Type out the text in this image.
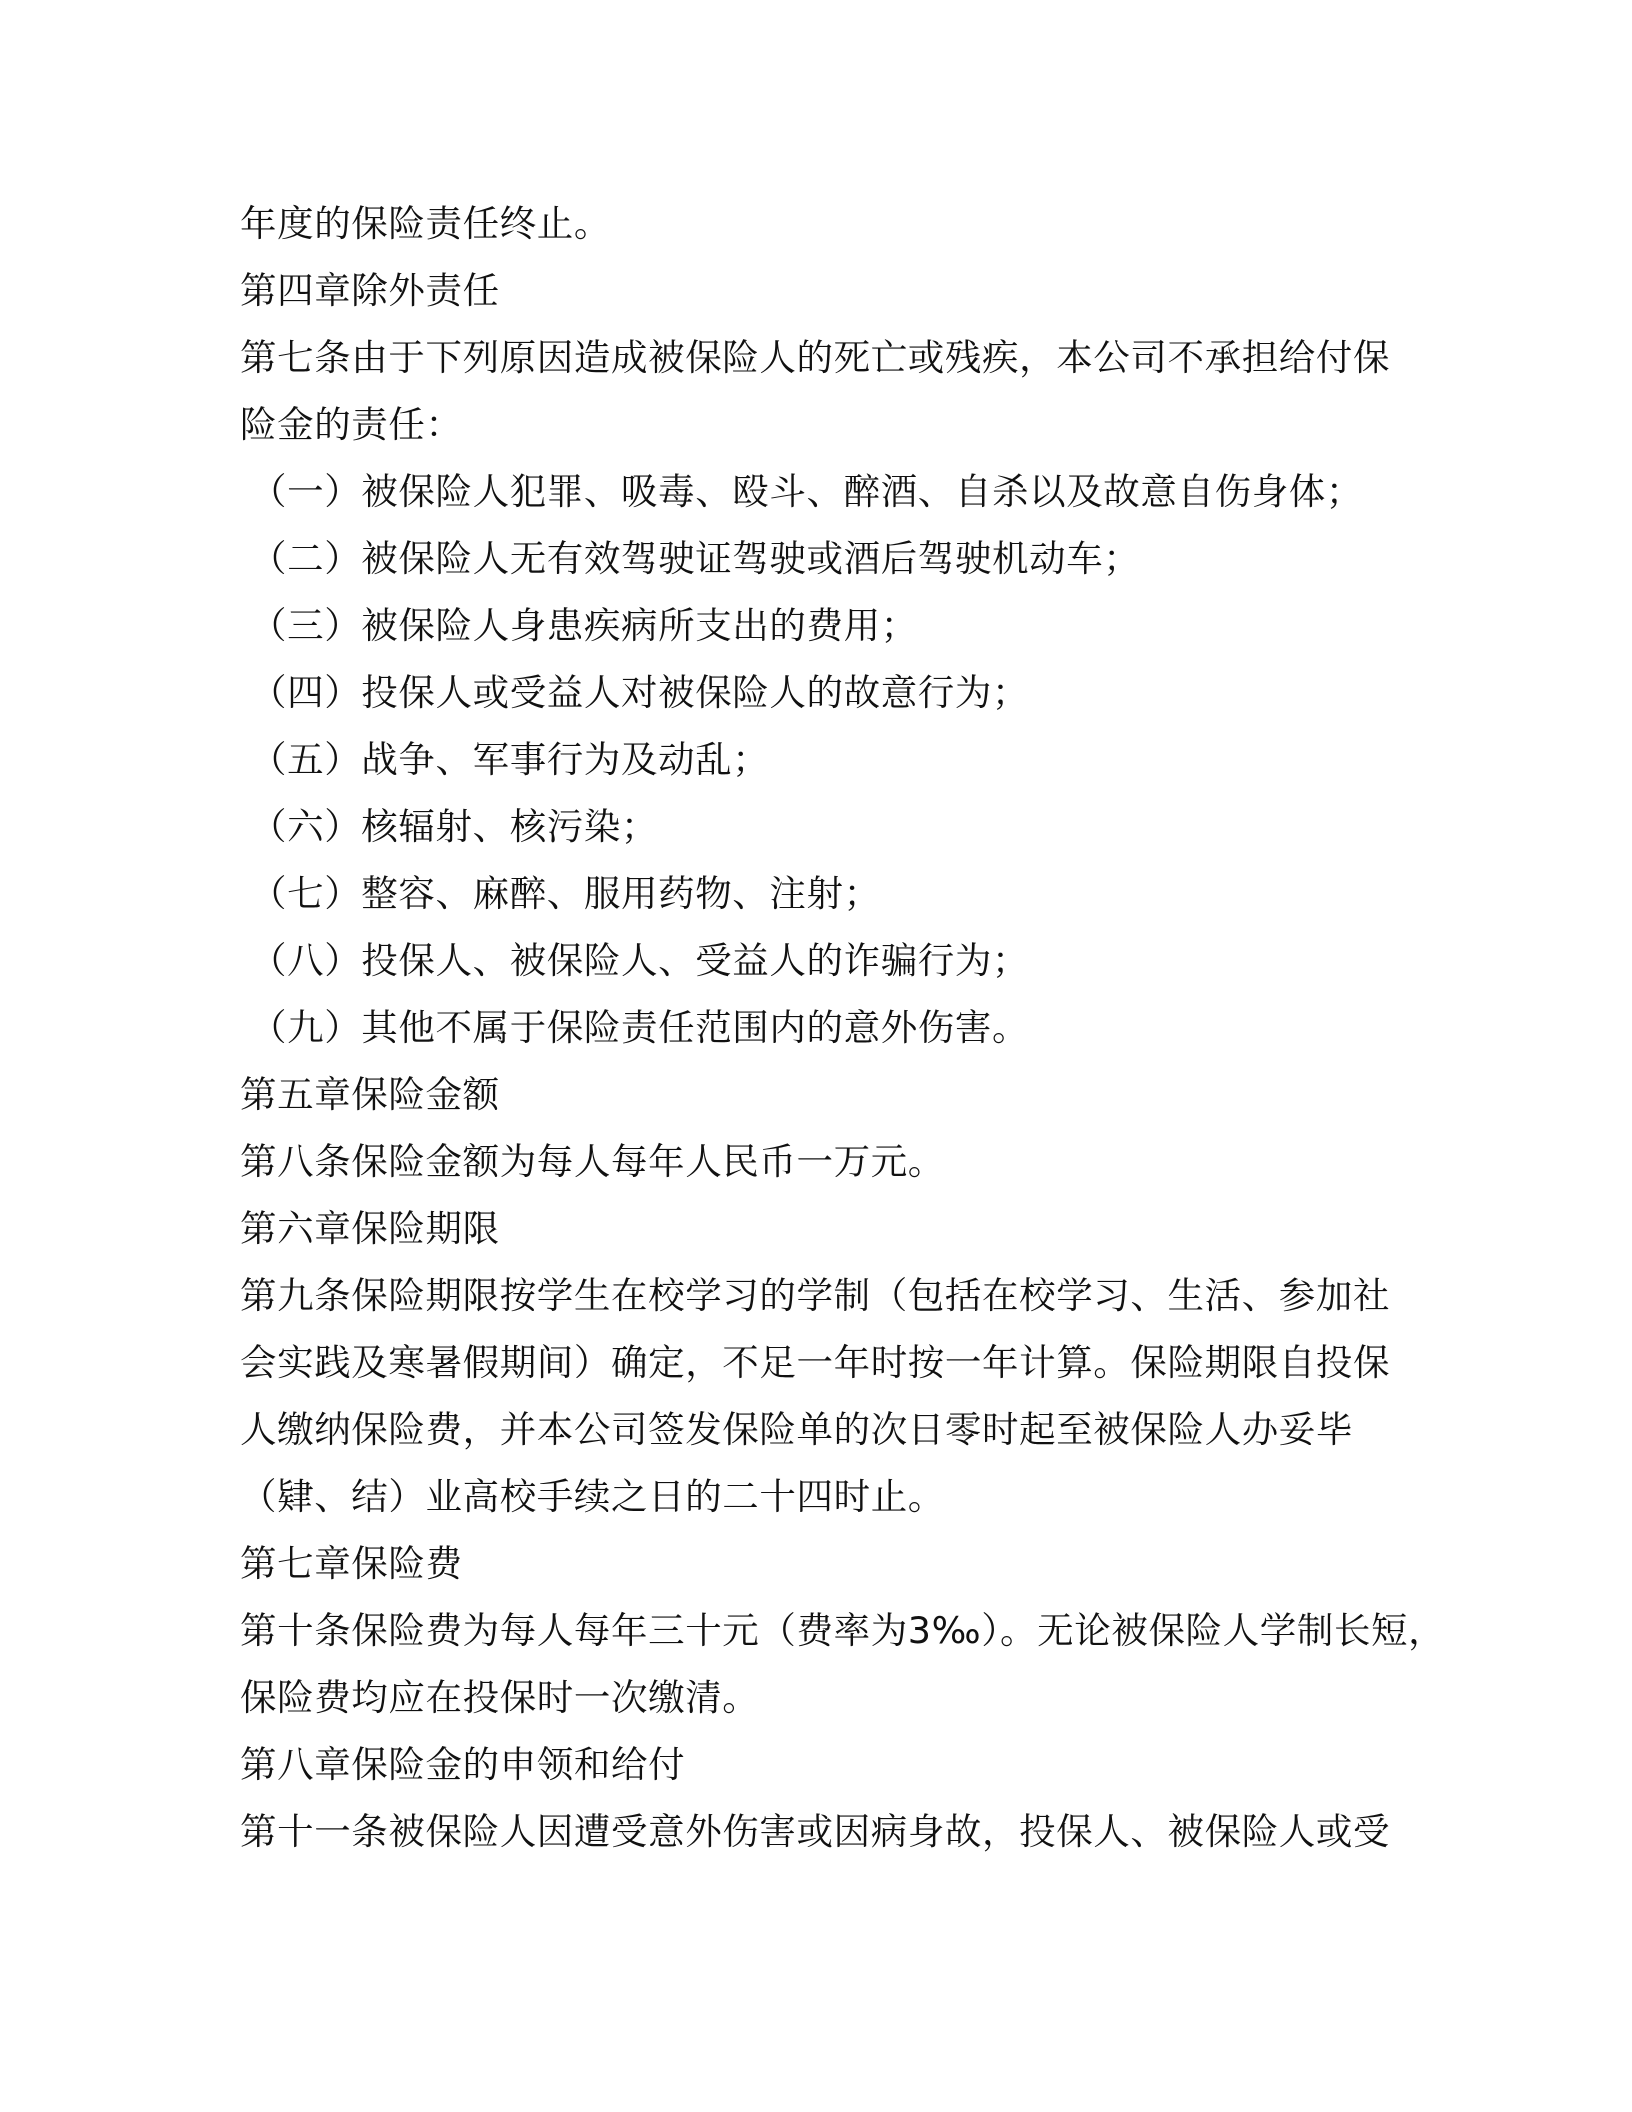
年度的保险责任终止。
第四章除外责任
第七条由于下列原因造成被保险人的死亡或残疾，本公司不承担给付保
险金的责任：
（一）被保险人犯罪、吸毒、殴斗、醉酒、自杀以及故意自伤身体；
（二）被保险人无有效驾驶证驾驶或酒后驾驶机动车；
（三）被保险人身患疾病所支出的费用；
（四）投保人或受益人对被保险人的故意行为；
（五）战争、军事行为及动乱；
（六）核辐射、核污染；
（七）整容、麻醉、服用药物、注射；
（八）投保人、被保险人、受益人的诈骗行为；
（九）其他不属于保险责任范围内的意外伤害。
第五章保险金额
第八条保险金额为每人每年人民币一万元。
第六章保险期限
第九条保险期限按学生在校学习的学制（包括在校学习、生活、参加社
会实践及寒暑假期间）确定，不足一年时按一年计算。保险期限自投保
人缴纳保险费，并本公司签发保险单的次日零时起至被保险人办妥毕
（肄、结）业高校手续之日的二十四时止。
第七章保险费
第十条保险费为每人每年三十元（费率为3‰）。无论被保险人学制长短，
保险费均应在投保时一次缴清。
第八章保险金的申领和给付
第十一条被保险人因遭受意外伤害或因病身故，投保人、被保险人或受
